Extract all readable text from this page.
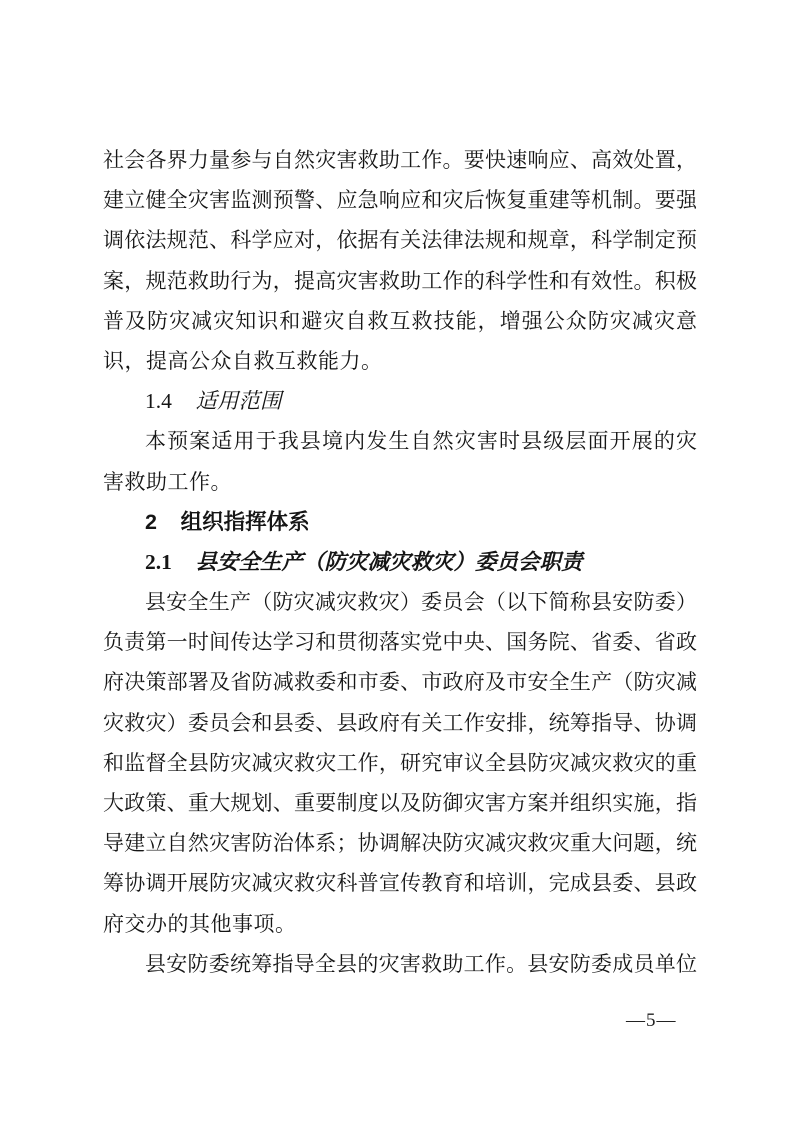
社会各界力量参与自然灾害救助工作。要快速响应、高效处置，
建立健全灾害监测预警、应急响应和灾后恢复重建等机制。要强
调依法规范、科学应对，依据有关法律法规和规章，科学制定预
案，规范救助行为，提高灾害救助工作的科学性和有效性。积极
普及防灾减灾知识和避灾自救互救技能，增强公众防灾减灾意
识，提高公众自救互救能力。
1.4 适用范围
本预案适用于我县境内发生自然灾害时县级层面开展的灾
害救助工作。
2 组织指挥体系
2.1 县安全生产（防灾减灾救灾）委员会职责
县安全生产（防灾减灾救灾）委员会（以下简称县安防委）
负责第一时间传达学习和贯彻落实党中央、国务院、省委、省政
府决策部署及省防减救委和市委、市政府及市安全生产（防灾减
灾救灾）委员会和县委、县政府有关工作安排，统筹指导、协调
和监督全县防灾减灾救灾工作，研究审议全县防灾减灾救灾的重
大政策、重大规划、重要制度以及防御灾害方案并组织实施，指
导建立自然灾害防治体系；协调解决防灾减灾救灾重大问题，统
筹协调开展防灾减灾救灾科普宣传教育和培训，完成县委、县政
府交办的其他事项。
县安防委统筹指导全县的灾害救助工作。县安防委成员单位
—5—
